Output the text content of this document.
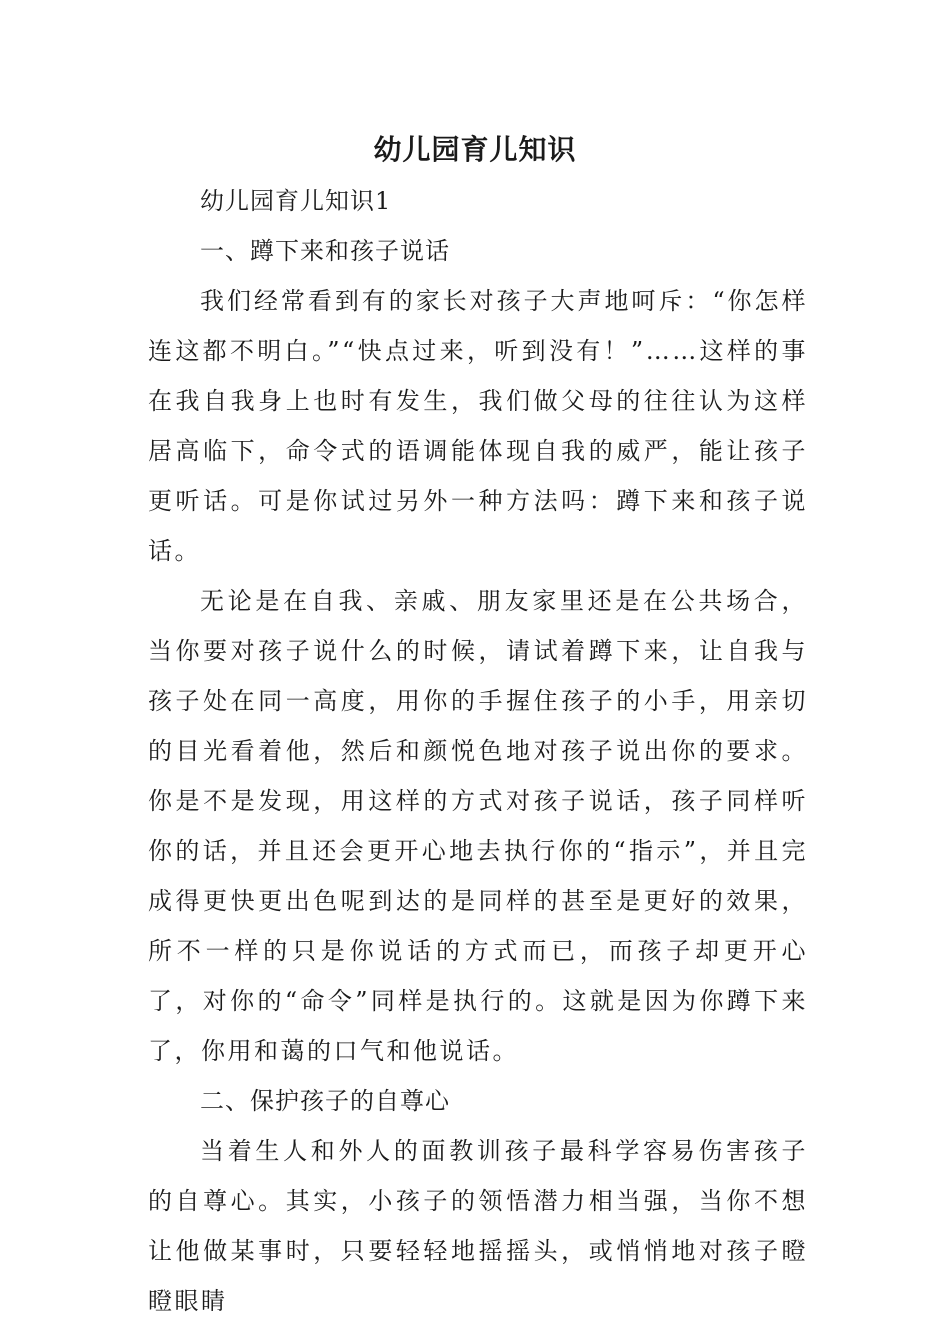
幼儿园育儿知识

幼儿园育儿知识1

一、蹲下来和孩子说话

我们经常看到有的家长对孩子大声地呵斥：“你怎样连这都不明白。”“快点过来，听到没有！”……这样的事在我自我身上也时有发生，我们做父母的往往认为这样居高临下，命令式的语调能体现自我的威严，能让孩子更听话。可是你试过另外一种方法吗：蹲下来和孩子说话。

无论是在自我、亲戚、朋友家里还是在公共场合，当你要对孩子说什么的时候，请试着蹲下来，让自我与孩子处在同一高度，用你的手握住孩子的小手，用亲切的目光看着他，然后和颜悦色地对孩子说出你的要求。你是不是发现，用这样的方式对孩子说话，孩子同样听你的话，并且还会更开心地去执行你的“指示”，并且完成得更快更出色呢到达的是同样的甚至是更好的效果，所不一样的只是你说话的方式而已，而孩子却更开心了，对你的“命令”同样是执行的。这就是因为你蹲下来了，你用和蔼的口气和他说话。

二、保护孩子的自尊心

当着生人和外人的面教训孩子最科学容易伤害孩子的自尊心。其实，小孩子的领悟潜力相当强，当你不想让他做某事时，只要轻轻地摇摇头，或悄悄地对孩子瞪瞪眼睛
